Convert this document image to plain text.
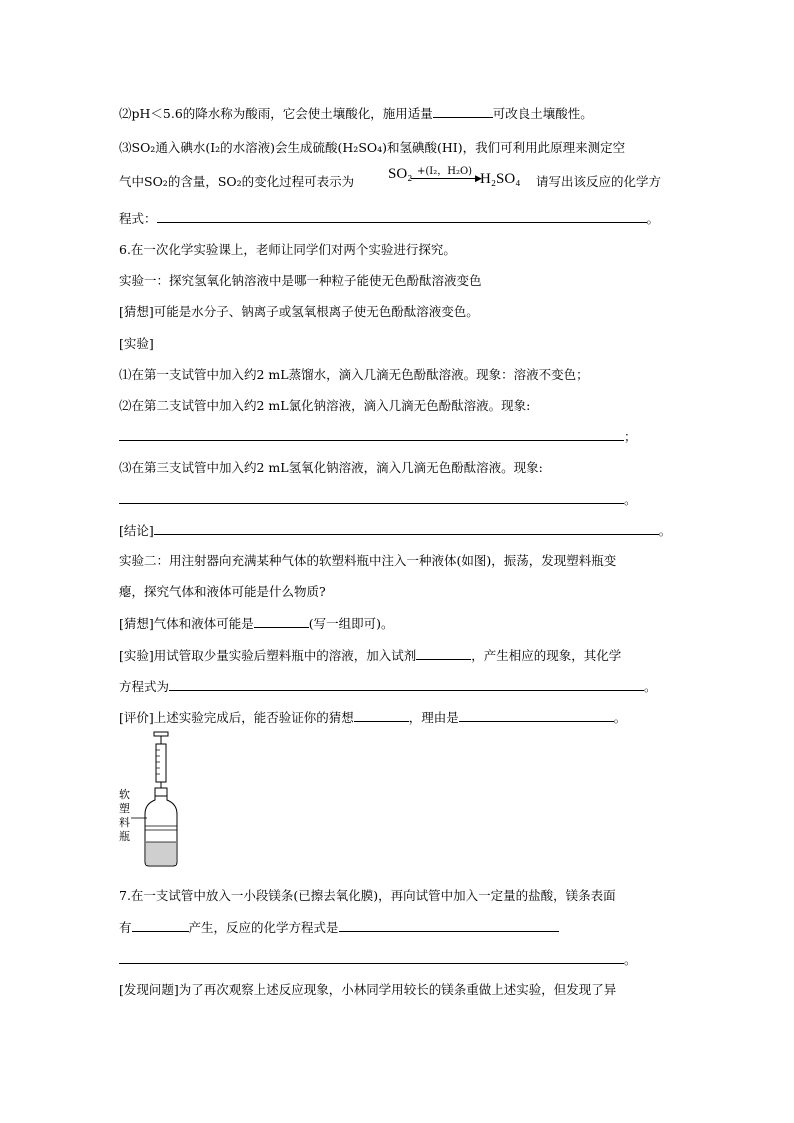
⑵pH＜5.6的降水称为酸雨，它会使土壤酸化，施用适量	可改良土壤酸性。
⑶SO₂通入碘水(I₂的水溶液)会生成硫酸(H₂SO₄)和氢碘酸(HI)，我们可利用此原理来测定空
气中SO₂的含量，SO₂的变化过程可表示为 SO₂ +(I₂，H₂O)
▶
H₂SO₄ 请写出该反应的化学方
程式：	。
6.在一次化学实验课上，老师让同学们对两个实验进行探究。
实验一：探究氢氧化钠溶液中是哪一种粒子能使无色酚酞溶液变色
[猜想]可能是水分子、钠离子或氢氧根离子使无色酚酞溶液变色。
[实验]
⑴在第一支试管中加入约2 mL蒸馏水，滴入几滴无色酚酞溶液。现象：溶液不变色；
⑵在第二支试管中加入约2 mL氯化钠溶液，滴入几滴无色酚酞溶液。现象:
；
⑶在第三支试管中加入约2 mL氢氧化钠溶液，滴入几滴无色酚酞溶液。现象:
。
[结论]	。
实验二：用注射器向充满某种气体的软塑料瓶中注入一种液体(如图)，振荡，发现塑料瓶变
瘪，探究气体和液体可能是什么物质?
[猜想]气体和液体可能是	(写一组即可)。
[实验]用试管取少量实验后塑料瓶中的溶液，加入试剂	，产生相应的现象，其化学
方程式为	。
[评价]上述实验完成后，能否验证你的猜想	，理由是	。
软塑料瓶
7.在一支试管中放入一小段镁条(已擦去氧化膜)，再向试管中加入一定量的盐酸，镁条表面
有	产生，反应的化学方程式是
。
[发现问题]为了再次观察上述反应现象，小林同学用较长的镁条重做上述实验，但发现了异
